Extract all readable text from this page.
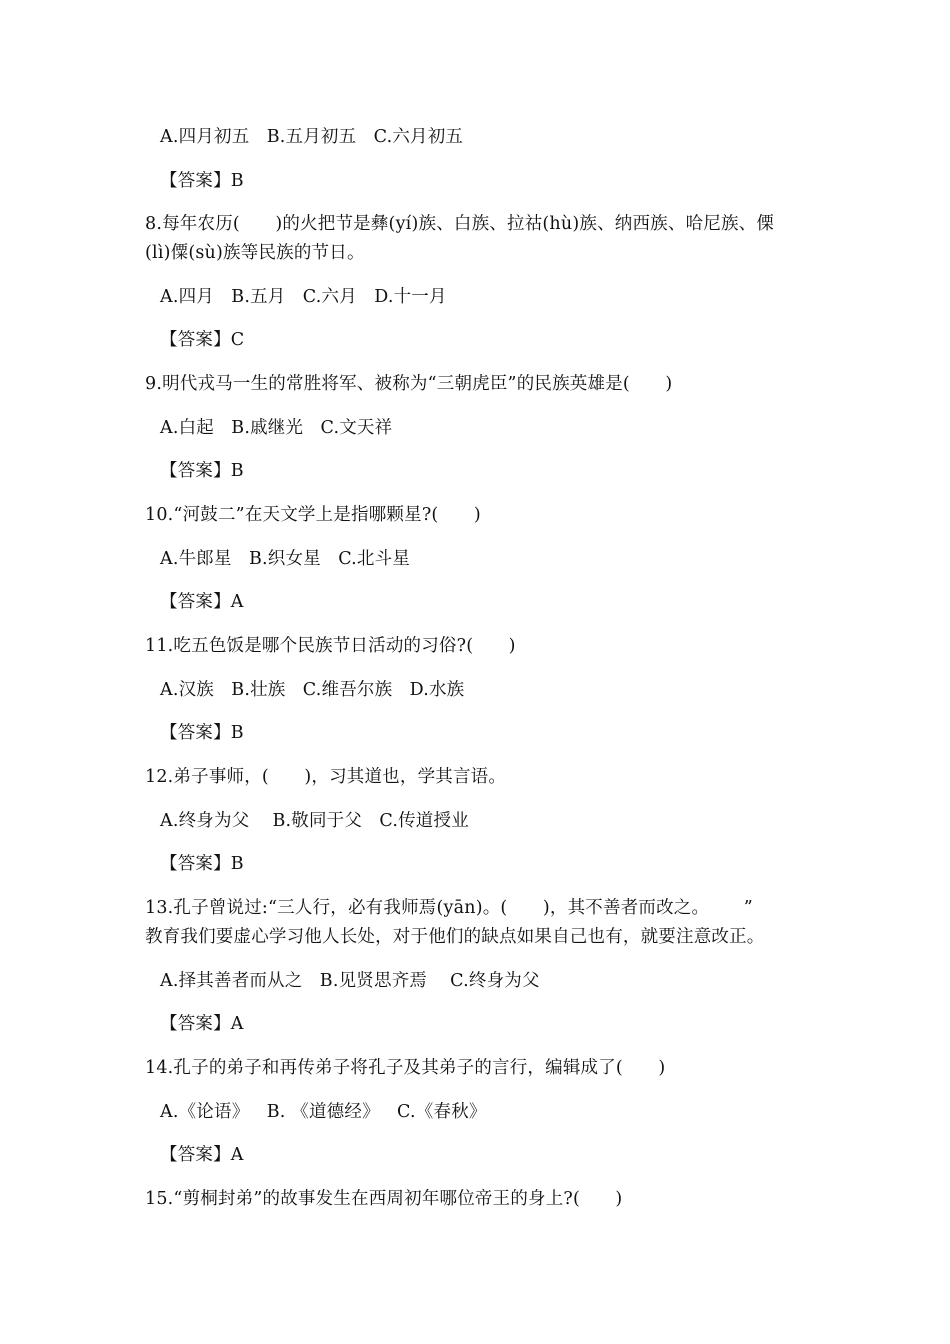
A.四月初五   B.五月初五   C.六月初五
【答案】B
8.每年农历(　　)的火把节是彝(yí)族、白族、拉祜(hù)族、纳西族、哈尼族、傈
(lì)僳(sù)族等民族的节日。
A.四月   B.五月   C.六月   D.十一月
【答案】C
9.明代戎马一生的常胜将军、被称为“三朝虎臣”的民族英雄是(　　)
A.白起   B.戚继光   C.文天祥
【答案】B
10.“河鼓二”在天文学上是指哪颗星?(　　)
A.牛郎星   B.织女星   C.北斗星
【答案】A
11.吃五色饭是哪个民族节日活动的习俗?(　　)
A.汉族   B.壮族   C.维吾尔族   D.水族
【答案】B
12.弟子事师，(　　)，习其道也，学其言语。
A.终身为父    B.敬同于父   C.传道授业
【答案】B
13.孔子曾说过:“三人行，必有我师焉(yān)。(　　)，其不善者而改之。      ”
教育我们要虚心学习他人长处，对于他们的缺点如果自己也有，就要注意改正。
A.择其善者而从之   B.见贤思齐焉    C.终身为父
【答案】A
14.孔子的弟子和再传弟子将孔子及其弟子的言行，编辑成了(　　)
A.《论语》   B. 《道德经》   C.《春秋》
【答案】A
15.“剪桐封弟”的故事发生在西周初年哪位帝王的身上?(　　)
